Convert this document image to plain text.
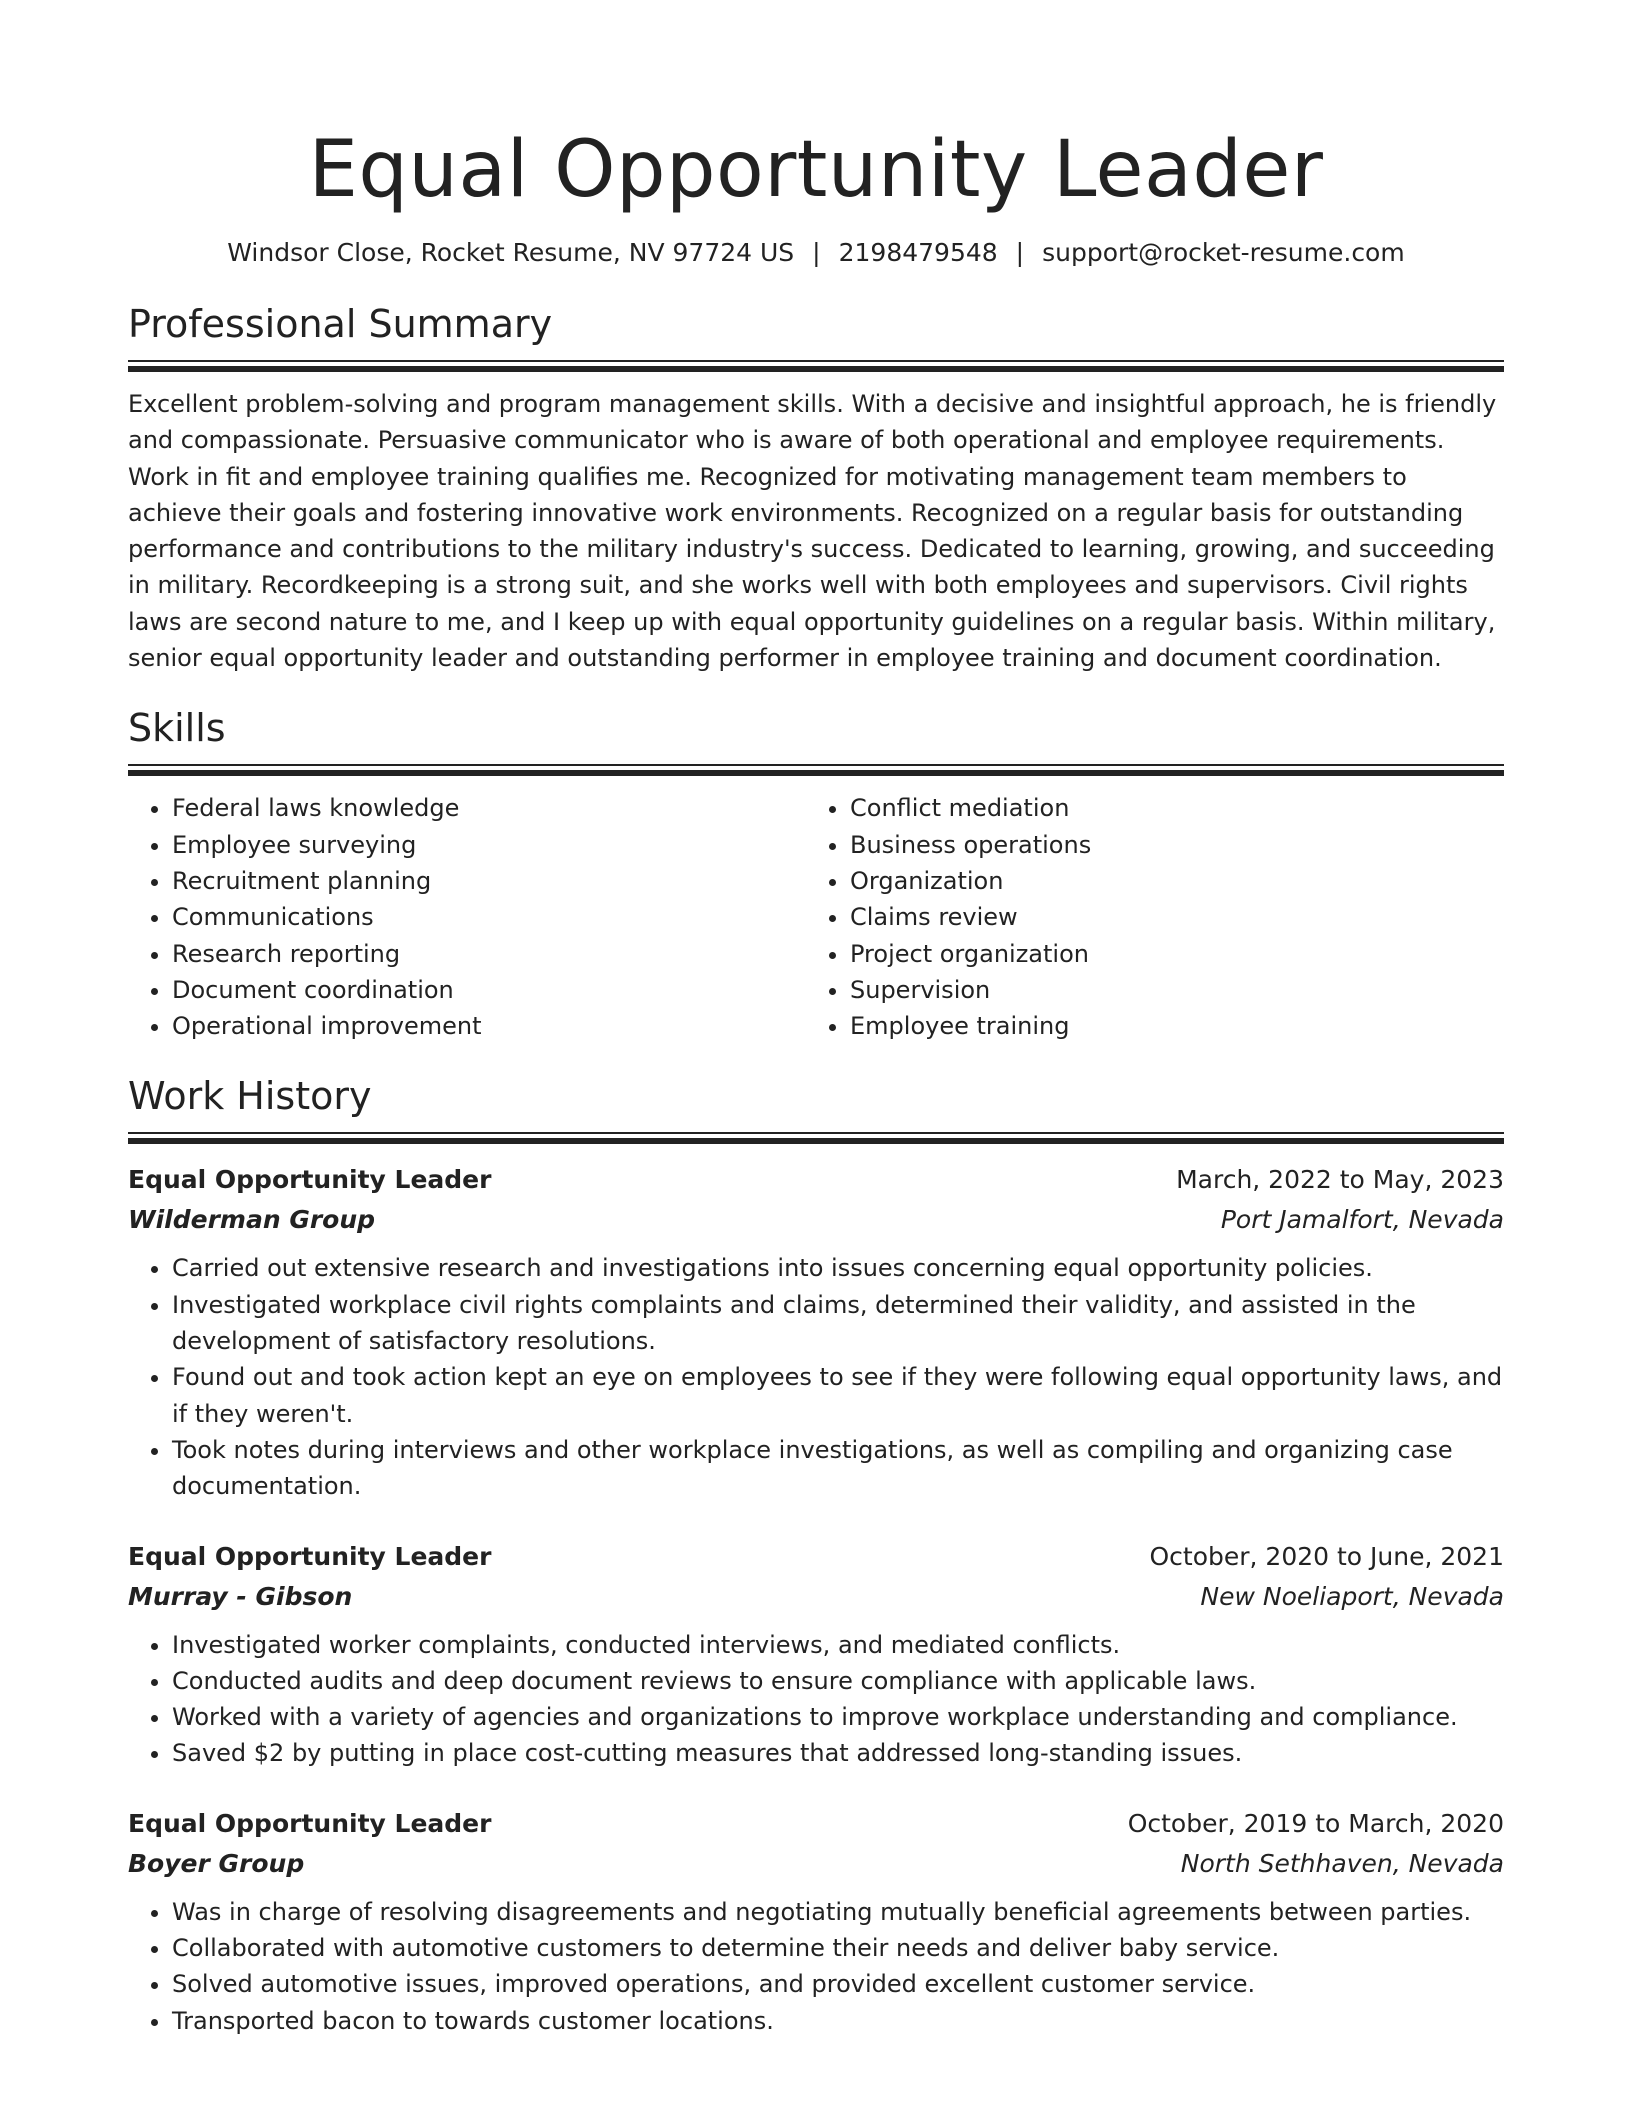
Equal Opportunity Leader
Windsor Close, Rocket Resume, NV 97724 US | 2198479548 | support@rocket-resume.com
Professional Summary

Excellent problem-solving and program management skills. With a decisive and insightful approach, he is friendly and compassionate. Persuasive communicator who is aware of both operational and employee requirements. Work in fit and employee training qualifies me. Recognized for motivating management team members to achieve their goals and fostering innovative work environments. Recognized on a regular basis for outstanding performance and contributions to the military industry's success. Dedicated to learning, growing, and succeeding in military. Recordkeeping is a strong suit, and she works well with both employees and supervisors. Civil rights laws are second nature to me, and I keep up with equal opportunity guidelines on a regular basis. Within military, senior equal opportunity leader and outstanding performer in employee training and document coordination.

Skills
• Federal laws knowledge
• Employee surveying
• Recruitment planning
• Communications
• Research reporting
• Document coordination
• Operational improvement
• Conflict mediation
• Business operations
• Organization
• Claims review
• Project organization
• Supervision
• Employee training
Work History
Equal Opportunity Leader	March, 2022 to May, 2023
Wilderman Group	Port Jamalfort, Nevada
• Carried out extensive research and investigations into issues concerning equal opportunity policies.
• Investigated workplace civil rights complaints and claims, determined their validity, and assisted in the development of satisfactory resolutions.
• Found out and took action kept an eye on employees to see if they were following equal opportunity laws, and if they weren't.
• Took notes during interviews and other workplace investigations, as well as compiling and organizing case documentation.
Equal Opportunity Leader	October, 2020 to June, 2021
Murray - Gibson	New Noeliaport, Nevada
• Investigated worker complaints, conducted interviews, and mediated conflicts.
• Conducted audits and deep document reviews to ensure compliance with applicable laws.
• Worked with a variety of agencies and organizations to improve workplace understanding and compliance.
• Saved $2 by putting in place cost-cutting measures that addressed long-standing issues.
Equal Opportunity Leader	October, 2019 to March, 2020
Boyer Group	North Sethhaven, Nevada
• Was in charge of resolving disagreements and negotiating mutually beneficial agreements between parties.
• Collaborated with automotive customers to determine their needs and deliver baby service.
• Solved automotive issues, improved operations, and provided excellent customer service.
• Transported bacon to towards customer locations.
